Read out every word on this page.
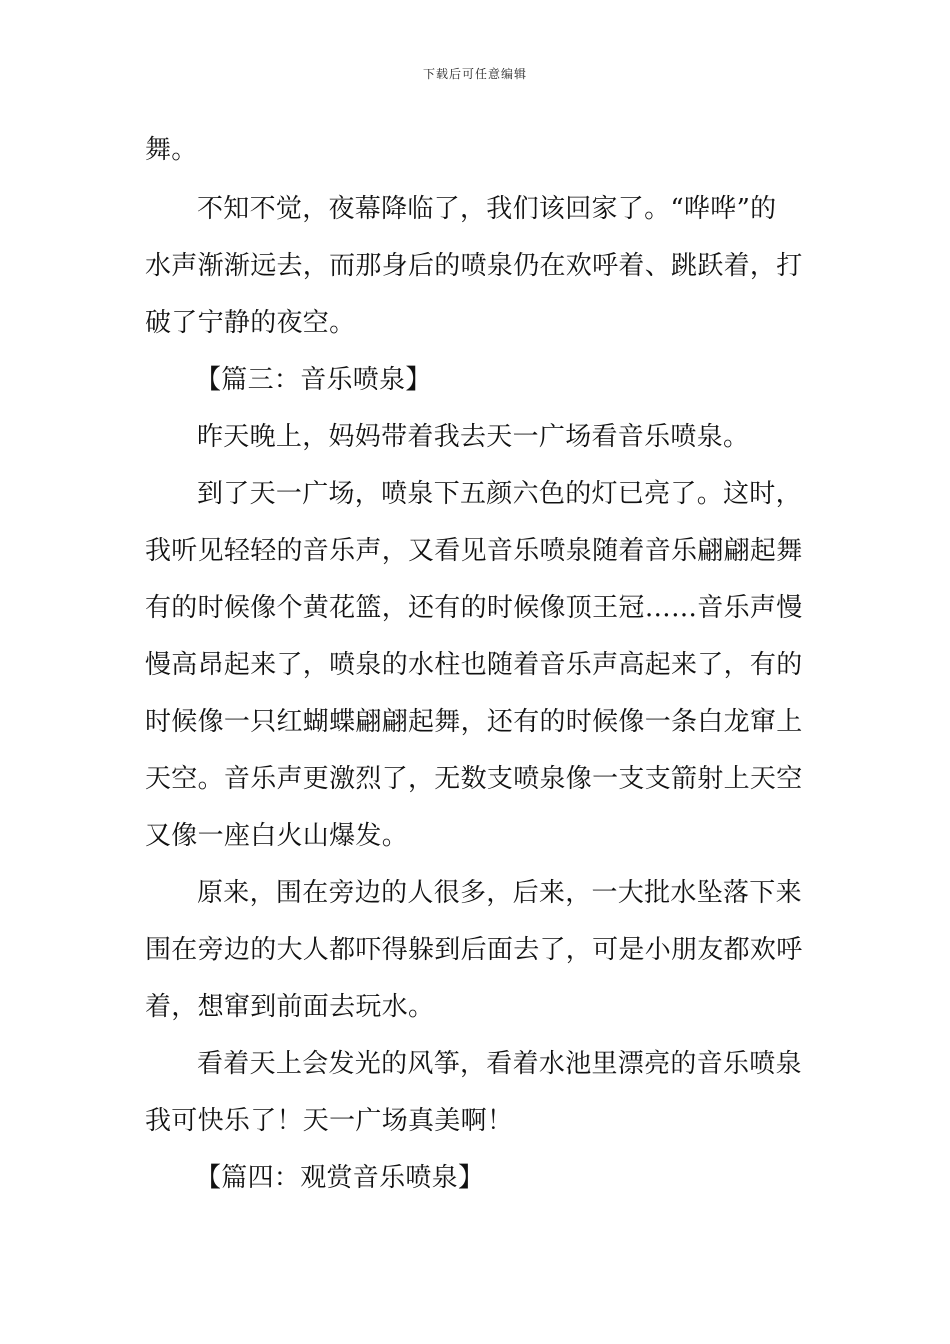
下载后可任意编辑
舞。
不知不觉，夜幕降临了，我们该回家了。“哗哗”的
水声渐渐远去，而那身后的喷泉仍在欢呼着、跳跃着，打
破了宁静的夜空。
【篇三：音乐喷泉】
昨天晚上，妈妈带着我去天一广场看音乐喷泉。
到了天一广场，喷泉下五颜六色的灯已亮了。这时，
我听见轻轻的音乐声，又看见音乐喷泉随着音乐翩翩起舞
有的时候像个黄花篮，还有的时候像顶王冠……音乐声慢
慢高昂起来了，喷泉的水柱也随着音乐声高起来了，有的
时候像一只红蝴蝶翩翩起舞，还有的时候像一条白龙窜上
天空。音乐声更激烈了，无数支喷泉像一支支箭射上天空
又像一座白火山爆发。
原来，围在旁边的人很多，后来，一大批水坠落下来
围在旁边的大人都吓得躲到后面去了，可是小朋友都欢呼
着，想窜到前面去玩水。
看着天上会发光的风筝，看着水池里漂亮的音乐喷泉
我可快乐了！天一广场真美啊！
【篇四：观赏音乐喷泉】
